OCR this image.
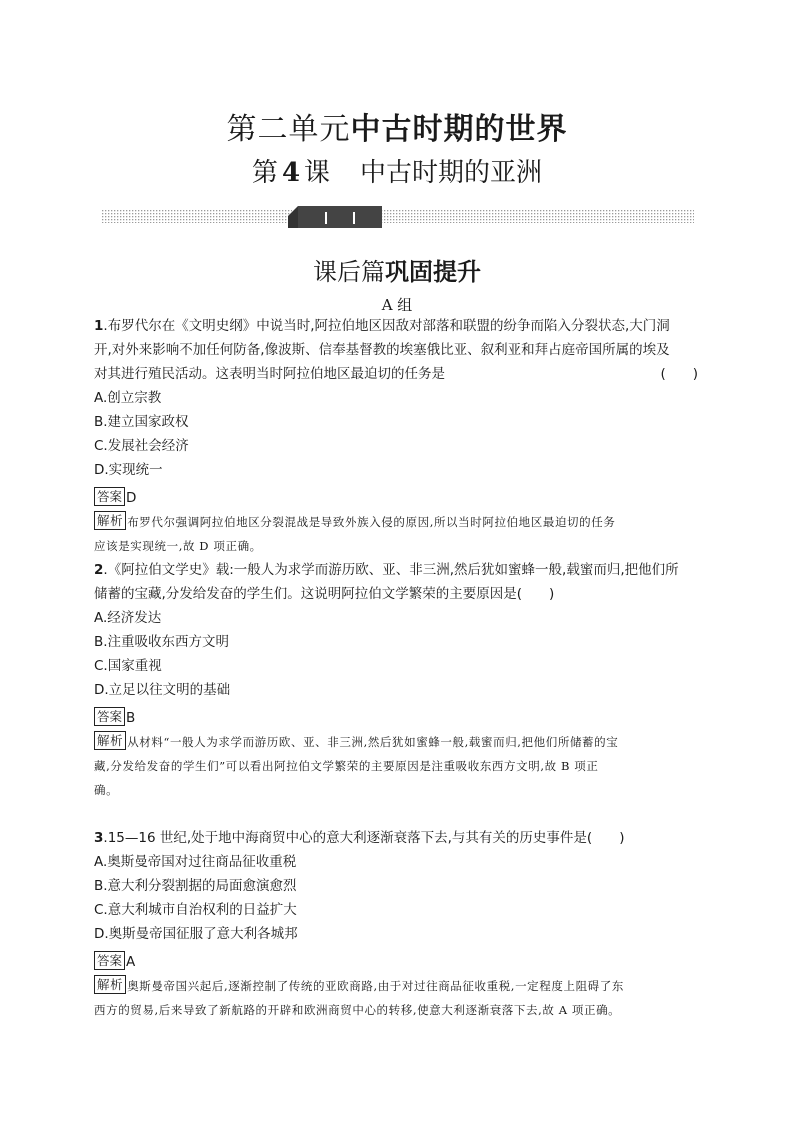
第二单元中古时期的世界
第 4 课 中古时期的亚洲
课后篇巩固提升
A 组
1.布罗代尔在《文明史纲》中说当时,阿拉伯地区因敌对部落和联盟的纷争而陷入分裂状态,大门洞
开,对外来影响不加任何防备,像波斯、信奉基督教的埃塞俄比亚、叙利亚和拜占庭帝国所属的埃及
对其进行殖民活动。这表明当时阿拉伯地区最迫切的任务是	(　　)
A.创立宗教
B.建立国家政权
C.发展社会经济
D.实现统一
答案 D
解析 布罗代尔强调阿拉伯地区分裂混战是导致外族入侵的原因,所以当时阿拉伯地区最迫切的任务
应该是实现统一,故 D 项正确。
2.《阿拉伯文学史》载:一般人为求学而游历欧、亚、非三洲,然后犹如蜜蜂一般,载蜜而归,把他们所
储蓄的宝藏,分发给发奋的学生们。这说明阿拉伯文学繁荣的主要原因是(　　)
A.经济发达
B.注重吸收东西方文明
C.国家重视
D.立足以往文明的基础
答案 B
解析 从材料“一般人为求学而游历欧、亚、非三洲,然后犹如蜜蜂一般,载蜜而归,把他们所储蓄的宝
藏,分发给发奋的学生们”可以看出阿拉伯文学繁荣的主要原因是注重吸收东西方文明,故 B 项正
确。
3.15—16 世纪,处于地中海商贸中心的意大利逐渐衰落下去,与其有关的历史事件是(　　)
A.奥斯曼帝国对过往商品征收重税
B.意大利分裂割据的局面愈演愈烈
C.意大利城市自治权利的日益扩大
D.奥斯曼帝国征服了意大利各城邦
答案 A
解析 奥斯曼帝国兴起后,逐渐控制了传统的亚欧商路,由于对过往商品征收重税,一定程度上阻碍了东
西方的贸易,后来导致了新航路的开辟和欧洲商贸中心的转移,使意大利逐渐衰落下去,故 A 项正确。
